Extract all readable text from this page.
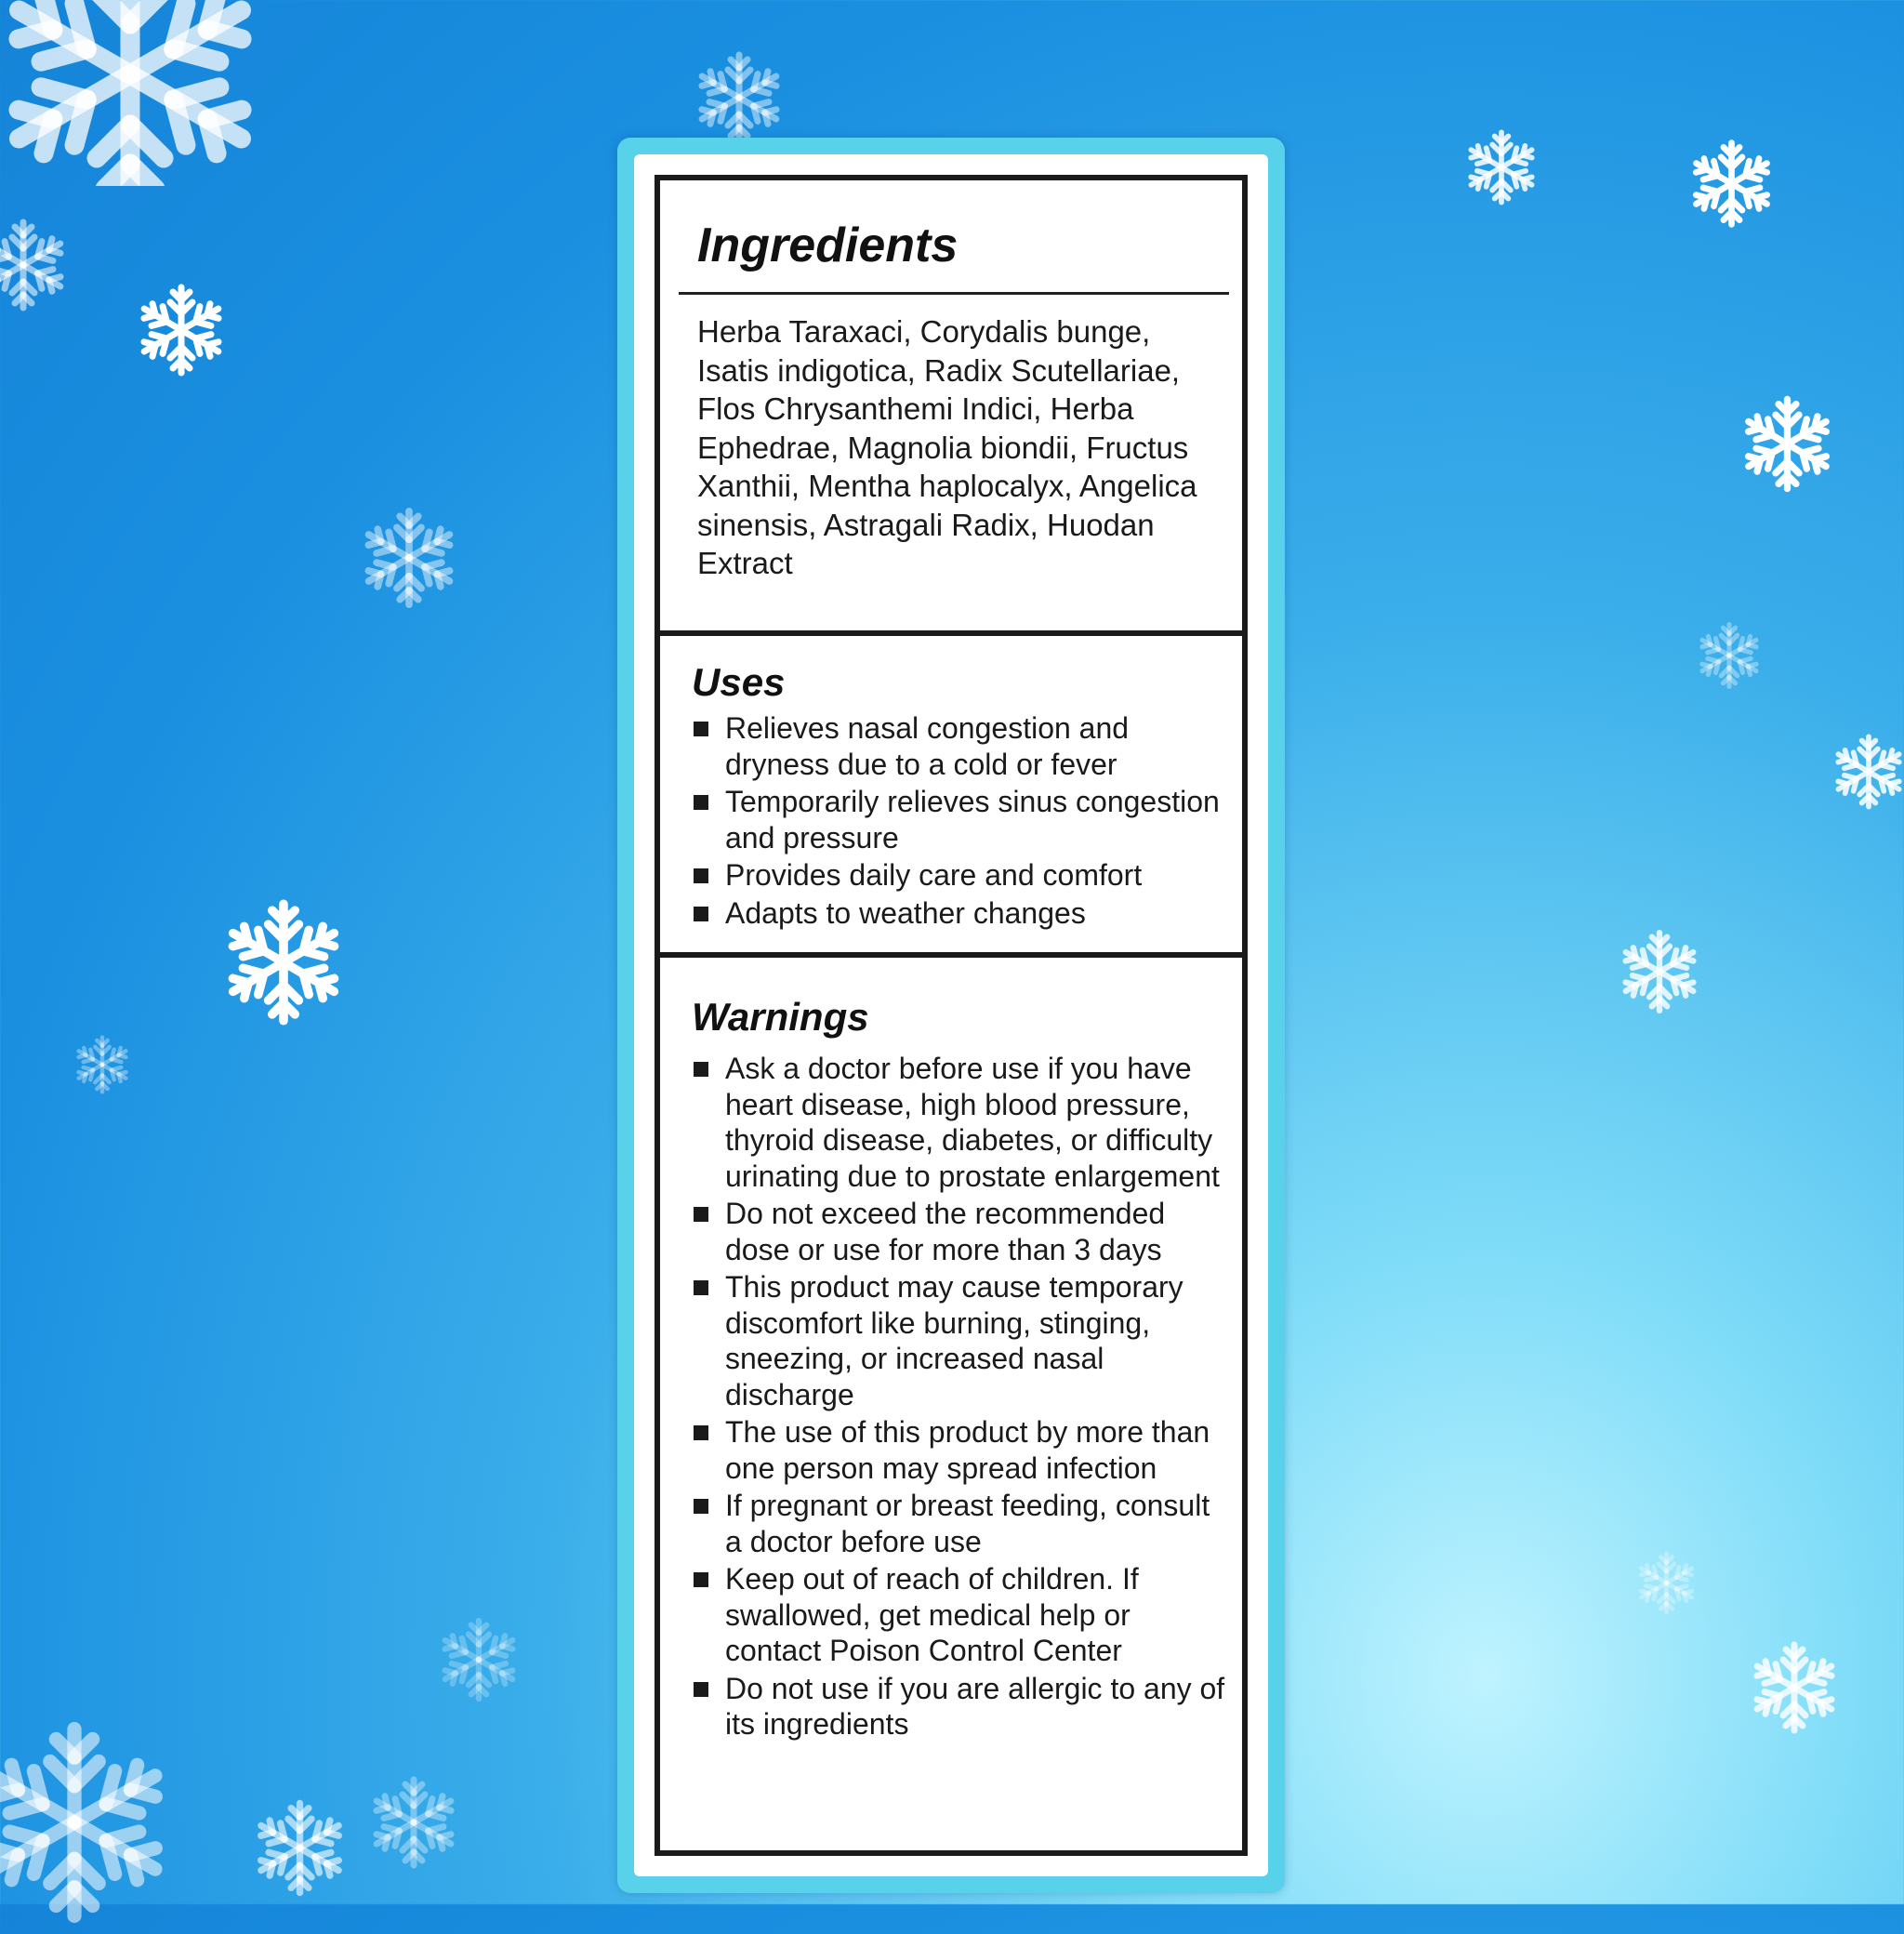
Ingredients

Herba Taraxaci, Corydalis bunge, Isatis indigotica, Radix Scutellariae, Flos Chrysanthemi Indici, Herba Ephedrae, Magnolia biondii, Fructus Xanthii, Mentha haplocalyx, Angelica sinensis, Astragali Radix, Huodan Extract

Uses
Relieves nasal congestion and dryness due to a cold or fever
Temporarily relieves sinus congestion and pressure
Provides daily care and comfort
Adapts to weather changes
Warnings
Ask a doctor before use if you have heart disease, high blood pressure, thyroid disease, diabetes, or difficulty urinating due to prostate enlargement
Do not exceed the recommended dose or use for more than 3 days
This product may cause temporary discomfort like burning, stinging, sneezing, or increased nasal discharge
The use of this product by more than one person may spread infection
If pregnant or breast feeding, consult a doctor before use
Keep out of reach of children. If swallowed, get medical help or contact Poison Control Center
Do not use if you are allergic to any of its ingredients
